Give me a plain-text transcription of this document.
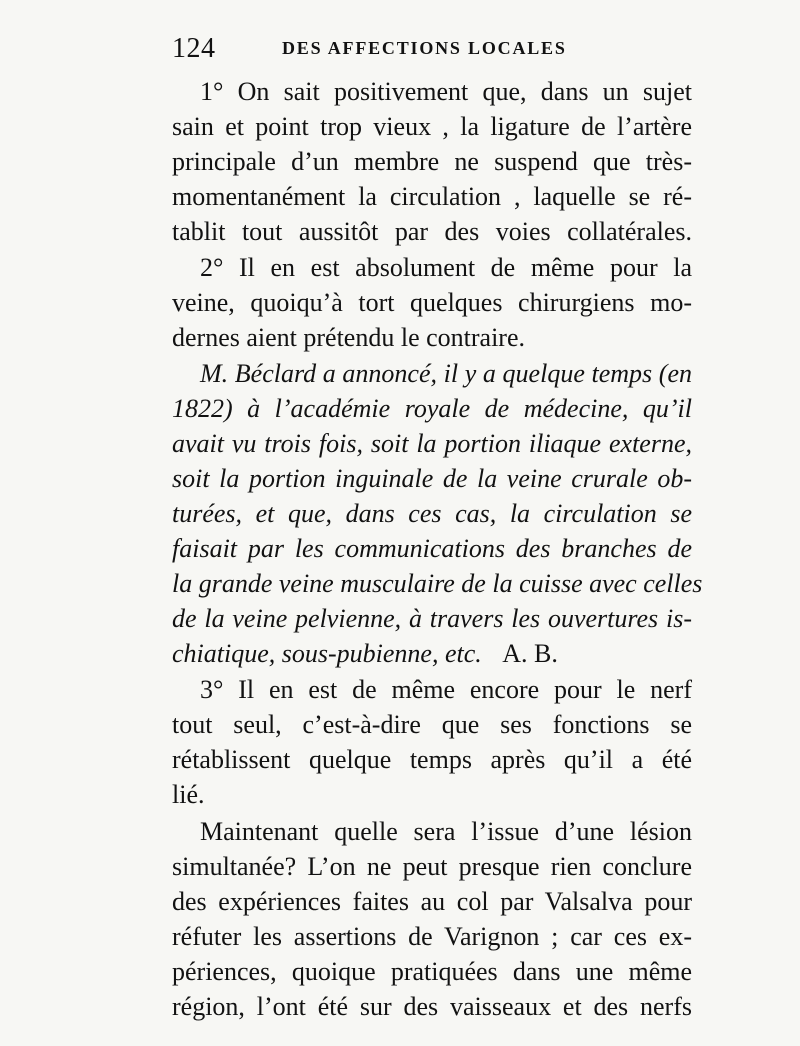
124	DES AFFECTIONS LOCALES
1° On sait positivement que, dans un sujet
sain et point trop vieux , la ligature de l’artère
principale d’un membre ne suspend que très-
momentanément la circulation , laquelle se ré-
tablit tout aussitôt par des voies collatérales.
2° Il en est absolument de même pour la
veine, quoiqu’à tort quelques chirurgiens mo-
dernes aient prétendu le contraire.
M. Béclard a annoncé, il y a quelque temps (en
1822) à l’académie royale de médecine, qu’il
avait vu trois fois, soit la portion iliaque externe,
soit la portion inguinale de la veine crurale ob-
turées, et que, dans ces cas, la circulation se
faisait par les communications des branches de
la grande veine musculaire de la cuisse avec celles
de la veine pelvienne, à travers les ouvertures is-
chiatique, sous-pubienne, etc. A. B.
3° Il en est de même encore pour le nerf
tout seul, c’est-à-dire que ses fonctions se
rétablissent quelque temps après qu’il a été
lié.
Maintenant quelle sera l’issue d’une lésion
simultanée? L’on ne peut presque rien conclure
des expériences faites au col par Valsalva pour
réfuter les assertions de Varignon ; car ces ex-
périences, quoique pratiquées dans une même
région, l’ont été sur des vaisseaux et des nerfs
